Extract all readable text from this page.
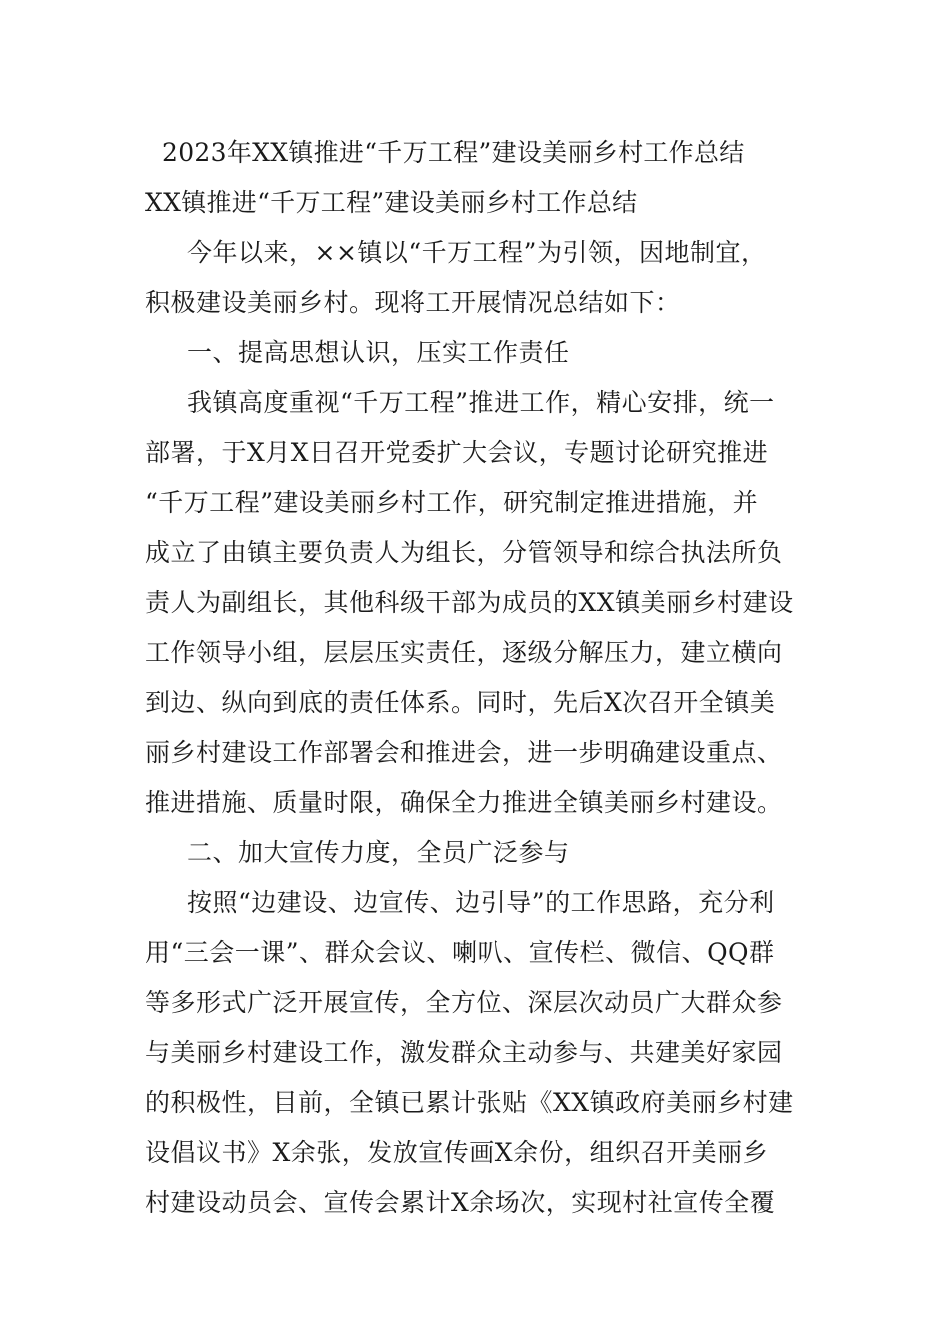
2023年XX镇推进“千万工程”建设美丽乡村工作总结
XX镇推进“千万工程”建设美丽乡村工作总结
今年以来，××镇以“千万工程”为引领，因地制宜，
积极建设美丽乡村。现将工开展情况总结如下：
一、提高思想认识，压实工作责任
我镇高度重视“千万工程”推进工作，精心安排，统一
部署，于X月X日召开党委扩大会议，专题讨论研究推进
“千万工程”建设美丽乡村工作，研究制定推进措施，并
成立了由镇主要负责人为组长，分管领导和综合执法所负
责人为副组长，其他科级干部为成员的XX镇美丽乡村建设
工作领导小组，层层压实责任，逐级分解压力，建立横向
到边、纵向到底的责任体系。同时，先后X次召开全镇美
丽乡村建设工作部署会和推进会，进一步明确建设重点、
推进措施、质量时限，确保全力推进全镇美丽乡村建设。
二、加大宣传力度，全员广泛参与
按照“边建设、边宣传、边引导”的工作思路，充分利
用“三会一课”、群众会议、喇叭、宣传栏、微信、QQ群
等多形式广泛开展宣传，全方位、深层次动员广大群众参
与美丽乡村建设工作，激发群众主动参与、共建美好家园
的积极性，目前，全镇已累计张贴《XX镇政府美丽乡村建
设倡议书》X余张，发放宣传画X余份，组织召开美丽乡
村建设动员会、宣传会累计X余场次，实现村社宣传全覆
